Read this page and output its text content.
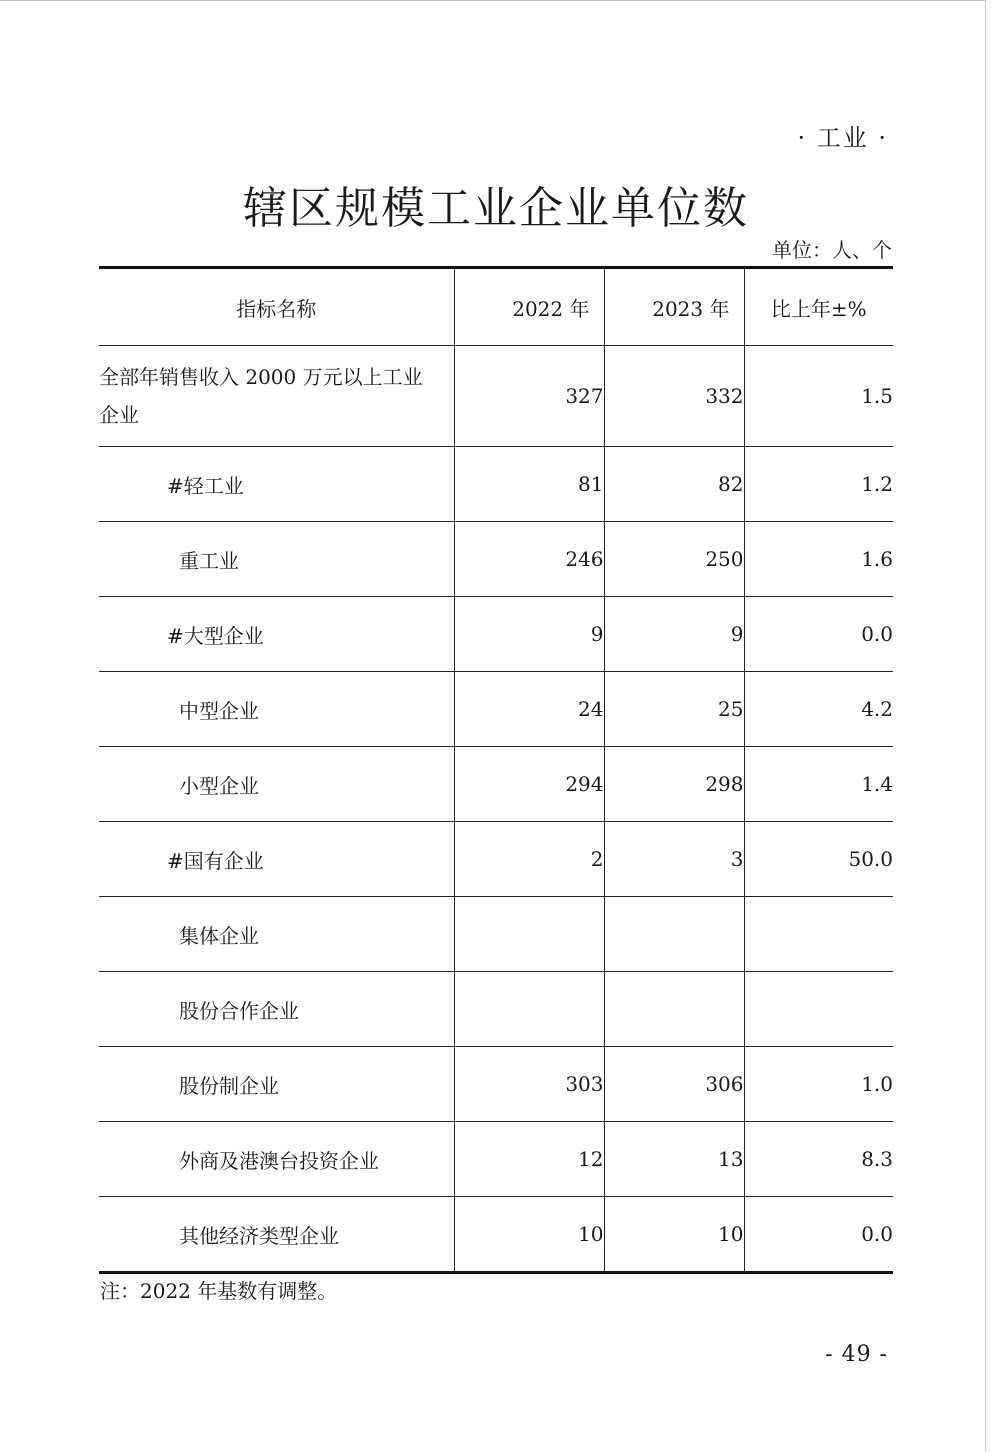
· 工业 ·
辖区规模工业企业单位数
单位：人、个
指标名称	2022 年	2023 年	比上年±%
全部年销售收入 2000 万元以上工业企业	327	332	1.5
#轻工业	81	82	1.2
重工业	246	250	1.6
#大型企业	9	9	0.0
中型企业	24	25	4.2
小型企业	294	298	1.4
#国有企业	2	3	50.0
集体企业			
股份合作企业			
股份制企业	303	306	1.0
外商及港澳台投资企业	12	13	8.3
其他经济类型企业	10	10	0.0
注：2022 年基数有调整。
- 49 -
